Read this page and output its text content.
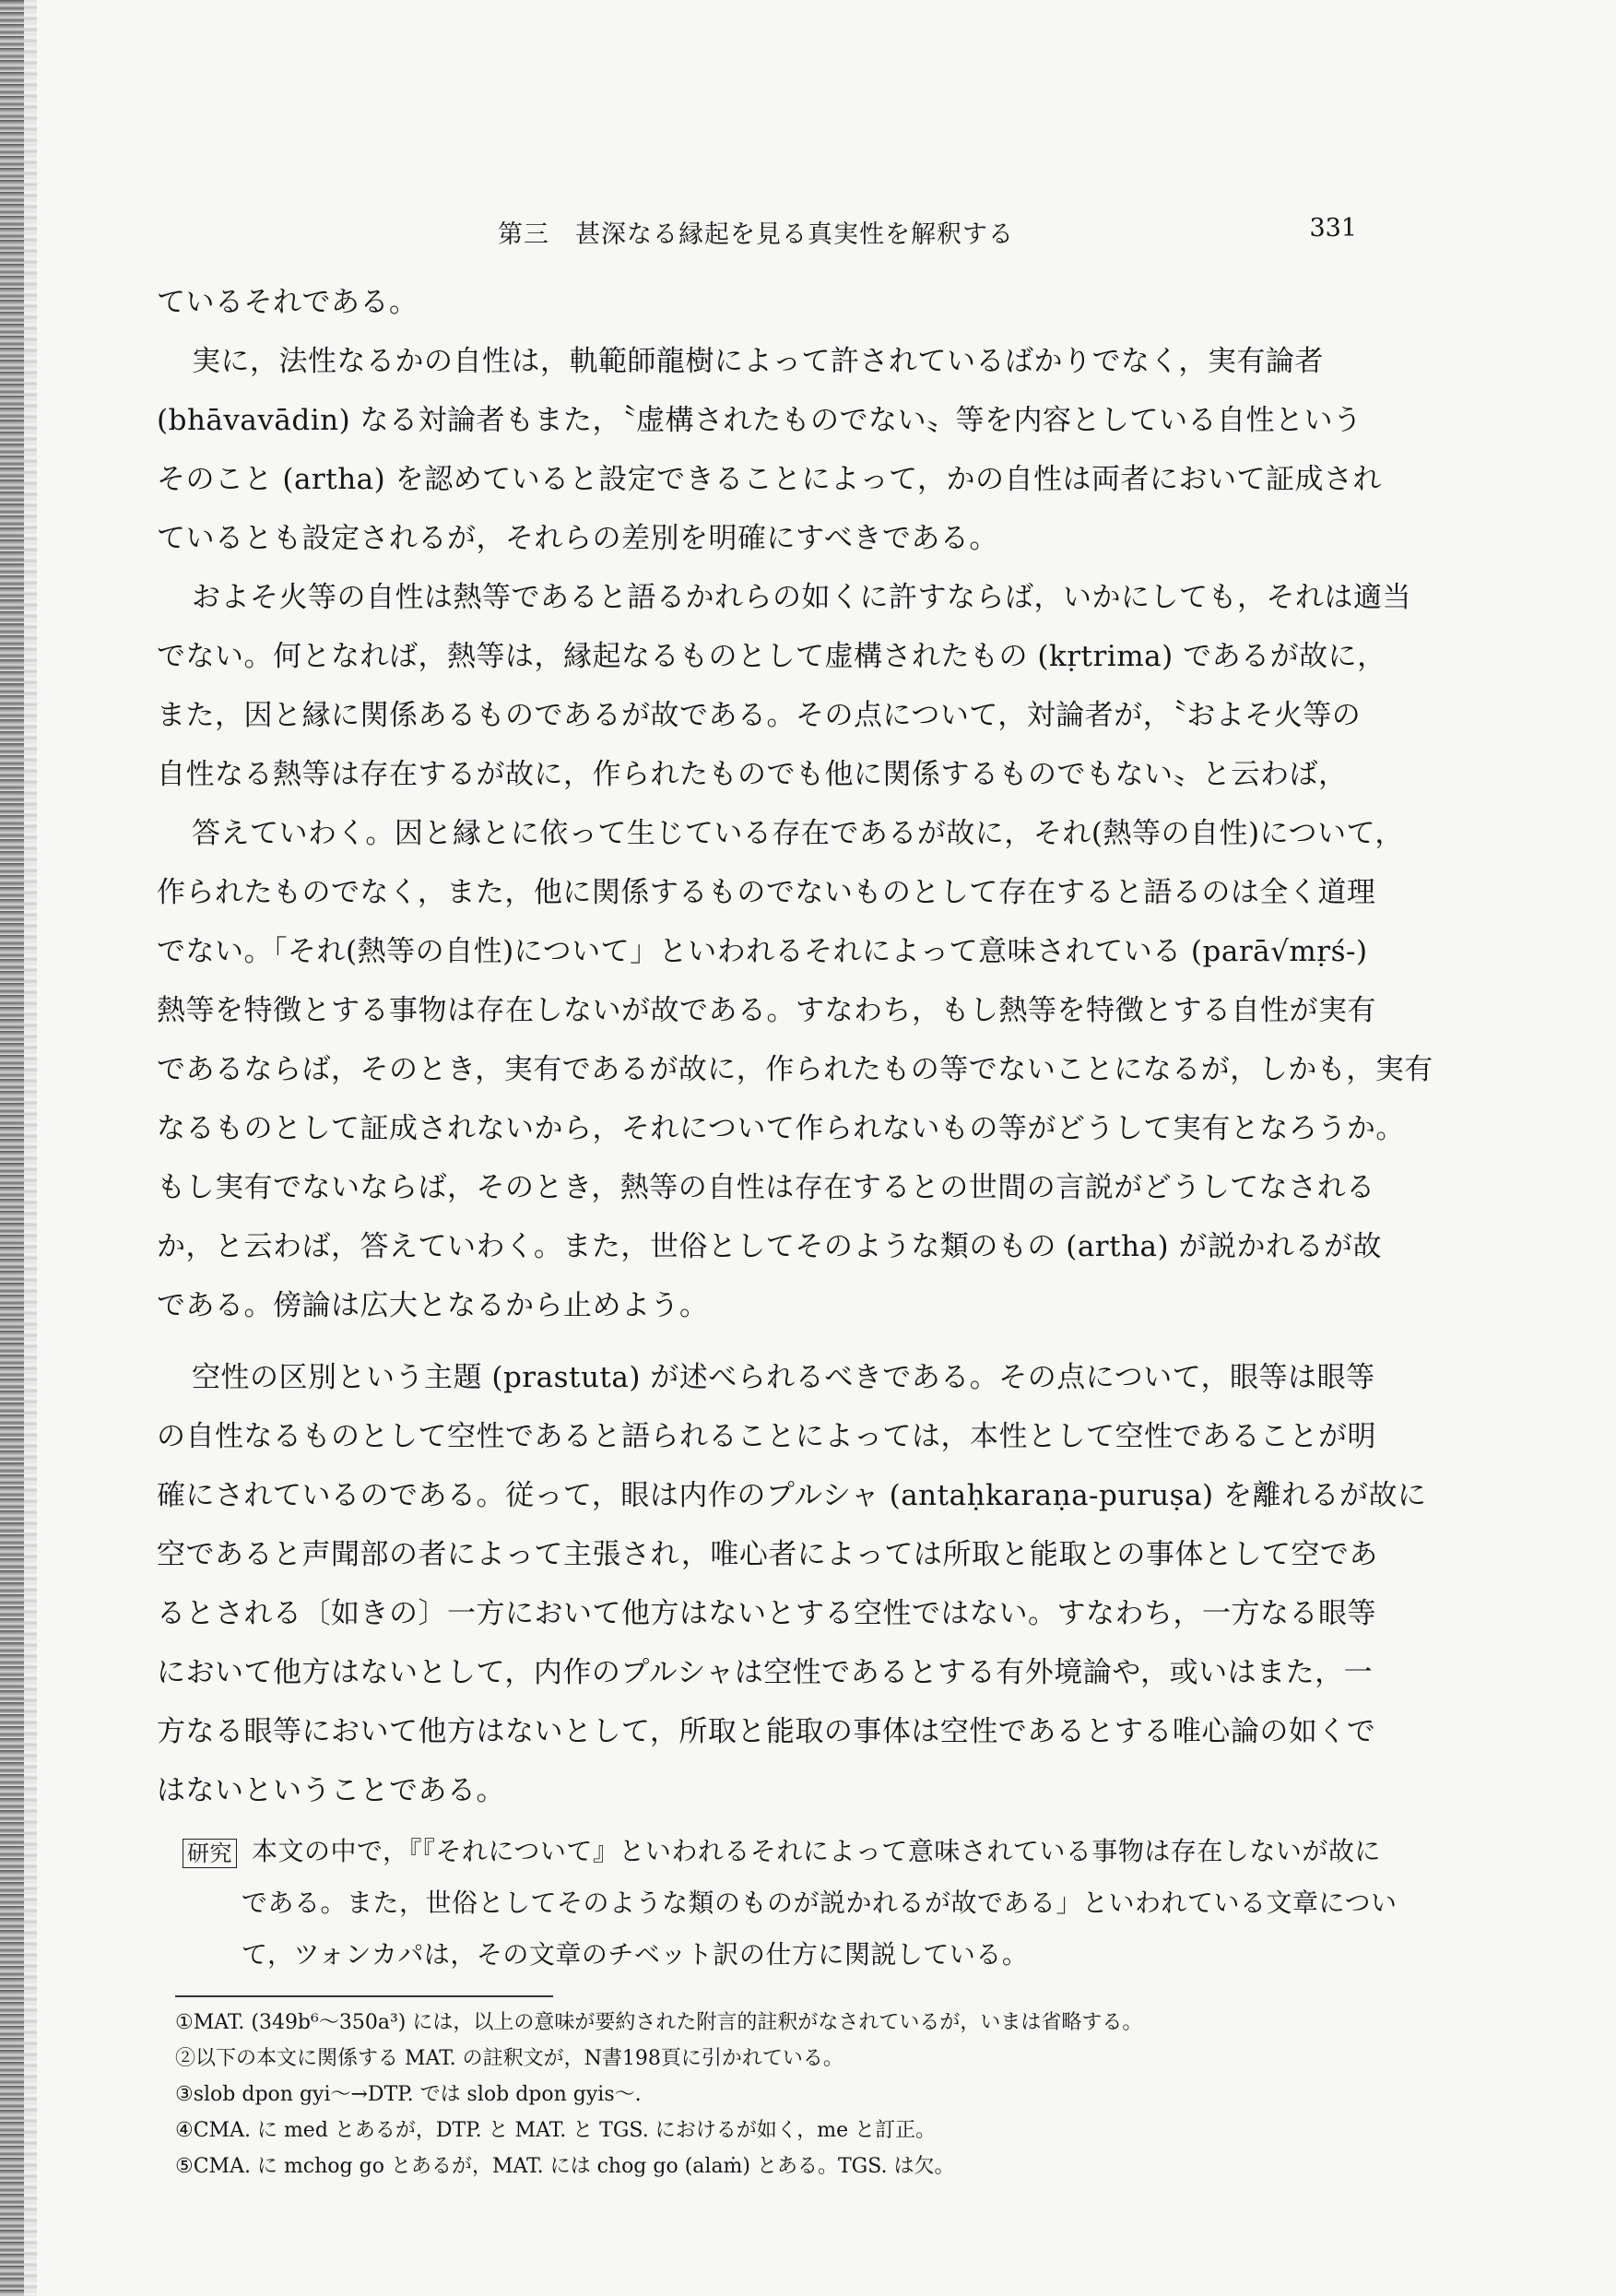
第三　甚深なる縁起を見る真実性を解釈する	331
ているそれである。
実に，法性なるかの自性は，軌範師龍樹によって許されているばかりでなく，実有論者
(bhāvavādin) なる対論者もまた，〝虚構されたものでない〟等を内容としている自性という
そのこと (artha) を認めていると設定できることによって，かの自性は両者において証成され
ているとも設定されるが，それらの差別を明確にすべきである。
およそ火等の自性は熱等であると語るかれらの如くに許すならば，いかにしても，それは適当
でない。何となれば，熱等は，縁起なるものとして虚構されたもの (kṛtrima) であるが故に，
また，因と縁に関係あるものであるが故である。その点について，対論者が，〝およそ火等の
自性なる熱等は存在するが故に，作られたものでも他に関係するものでもない〟と云わば，
答えていわく。因と縁とに依って生じている存在であるが故に，それ(熱等の自性)について，
作られたものでなく，また，他に関係するものでないものとして存在すると語るのは全く道理
でない。「それ(熱等の自性)について」といわれるそれによって意味されている (parā√mṛś-)
熱等を特徴とする事物は存在しないが故である。すなわち，もし熱等を特徴とする自性が実有
であるならば，そのとき，実有であるが故に，作られたもの等でないことになるが，しかも，実有
なるものとして証成されないから，それについて作られないもの等がどうして実有となろうか。
もし実有でないならば，そのとき，熱等の自性は存在するとの世間の言説がどうしてなされる
か，と云わば，答えていわく。また，世俗としてそのような類のもの (artha) が説かれるが故
である。傍論は広大となるから止めよう。
空性の区別という主題 (prastuta) が述べられるべきである。その点について，眼等は眼等
の自性なるものとして空性であると語られることによっては，本性として空性であることが明
確にされているのである。従って，眼は内作のプルシャ (antaḥkaraṇa-puruṣa) を離れるが故に
空であると声聞部の者によって主張され，唯心者によっては所取と能取との事体として空であ
るとされる〔如きの〕一方において他方はないとする空性ではない。すなわち，一方なる眼等
において他方はないとして，内作のプルシャは空性であるとする有外境論や，或いはまた，一
方なる眼等において他方はないとして，所取と能取の事体は空性であるとする唯心論の如くで
はないということである。
研究 本文の中で，『『それについて』といわれるそれによって意味されている事物は存在しないが故に
である。また，世俗としてそのような類のものが説かれるが故である」といわれている文章につい
て，ツォンカパは，その文章のチベット訳の仕方に関説している。
①MAT. (349b⁶〜350a³) には，以上の意味が要約された附言的註釈がなされているが，いまは省略する。
②以下の本文に関係する MAT. の註釈文が，N書198頁に引かれている。
③slob dpon gyi〜→DTP. では slob dpon gyis〜.
④CMA. に med とあるが，DTP. と MAT. と TGS. におけるが如く，me と訂正。
⑤CMA. に mchog go とあるが，MAT. には chog go (alaṁ) とある。TGS. は欠。
